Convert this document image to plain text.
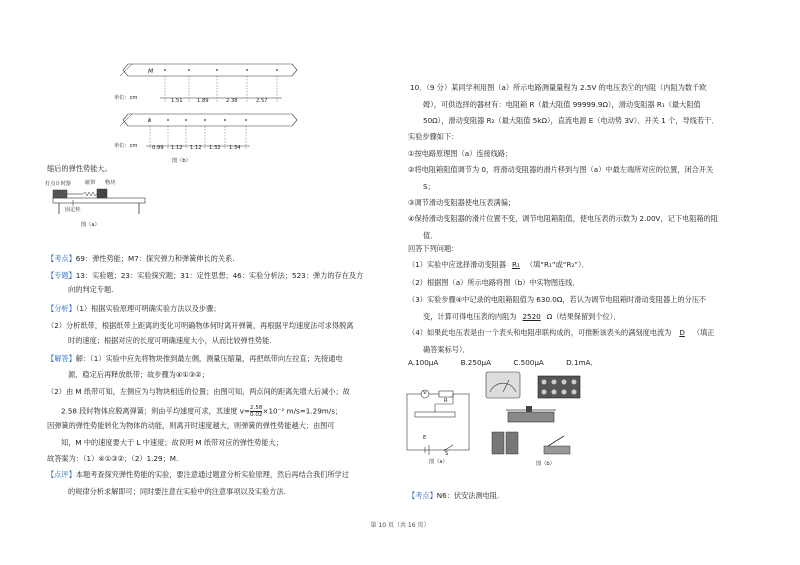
M
单位：cm	1.51	1.89	2.38	2.57
L
单位：cm	0.99 1.12 1.12 1.32 1.34
图（b）
缩后的弹性势能大。
打点计时器	纸带 物块
固定栓
图（a）
【考点】69：弹性势能；M7：探究弹力和弹簧伸长的关系.
【专题】13：实验题；23：实验探究题；31：定性思想；46：实验分析法；523：弹力的存在及方
向的判定专题.
【分析】（1）根据实验原理可明确实验方法以及步骤；
（2）分析纸带，根据纸带上距离的变化可明确物体何时离开弹簧，再根据平均速度法可求得脱离
时的速度；根据对应的长度可明确速度大小，从而比较弹性势能.
【解答】解：（1）实验中应先将物块推到最左侧，测量压缩量，再把纸带向左拉直；先接通电
源，稳定后再释放纸带；故步骤为④①③②；
（2）由 M 纸带可知，左侧应为与物块相连的位置；由图可知，两点间的距离先增大后减小；故
2.58 段时物体应脱离弹簧；则由平均速度可求，其速度 $v= \frac{2.58}{0.02} \times 10^{-2}$ m/s=1.29m/s；
因弹簧的弹性势能转化为物体的动能，则离开时速度越大，则弹簧的弹性势能越大；由图可
知，M 中的速度要大于 L 中速度；故说明 M 纸带对应的弹性势能大；
故答案为：（1）④①③②；（2）1.29；M.
【点评】本题考查探究弹性势能的实验，要注意通过题意分析实验原理，然后再结合我们所学过
的规律分析求解即可；同时要注意在实验中的注意事项以及实验方法.
10．（9 分）某同学利用图（a）所示电路测量量程为 2.5V 的电压表Ⓥ的内阻（内阻为数千欧
姆），可供选择的器材有：电阻箱 R（最大阻值 99999.9Ω），滑动变阻器 R₁（最大阻值
50Ω），滑动变阻器 R₂（最大阻值 5kΩ），直流电源 E（电动势 3V）．开关 1 个，导线若干．
实验步骤如下：
①按电路原理图（a）连接线路；
②将电阻箱阻值调节为 0，将滑动变阻器的滑片移到与图（a）中最左端所对应的位置，闭合开关
S；
③调节滑动变阻器使电压表满偏；
④保持滑动变阻器的滑片位置不变，调节电阻箱阻值，使电压表的示数为 2.00V，记下电阻箱的阻
值．
回答下列问题：
（1）实验中应选择滑动变阻器 R₁ （填“R₁”或“R₂”）．
（2）根据图（a）所示电路将图（b）中实物图连线．
（3）实验步骤④中记录的电阻箱阻值为 630.0Ω，若认为调节电阻箱时滑动变阻器上的分压不
变，计算可得电压表的内阻为 2520 Ω（结果保留到个位）．
（4）如果此电压表是由一个表头和电阻串联构成的，可推断该表头的满刻度电流为 D （填正
确答案标号）．
A.100μA	B.250μA	C.500μA	D.1mA．
V
R
E
S
图（a）	图（b）
【考点】N6：伏安法测电阻.
第 10 页（共 16 页）
